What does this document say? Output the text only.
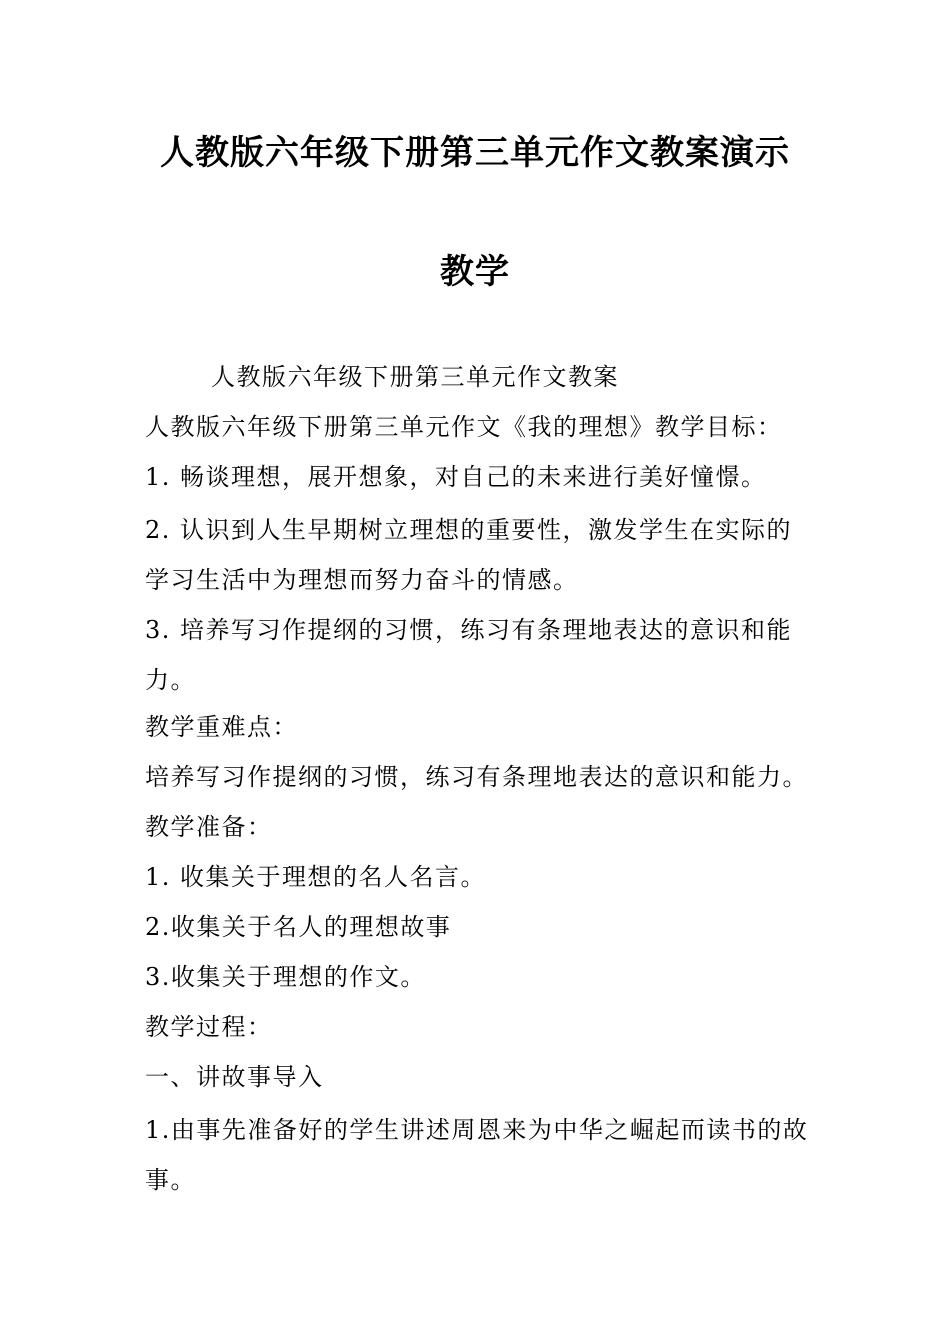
人教版六年级下册第三单元作文教案演示
教学

人教版六年级下册第三单元作文教案

人教版六年级下册第三单元作文《我的理想》教学目标：

1. 畅谈理想，展开想象，对自己的未来进行美好憧憬。

2. 认识到人生早期树立理想的重要性，激发学生在实际的学习生活中为理想而努力奋斗的情感。

3. 培养写习作提纲的习惯，练习有条理地表达的意识和能力。

教学重难点：

培养写习作提纲的习惯，练习有条理地表达的意识和能力。

教学准备：

1. 收集关于理想的名人名言。

2.收集关于名人的理想故事

3.收集关于理想的作文。

教学过程：

一、讲故事导入

1.由事先准备好的学生讲述周恩来为中华之崛起而读书的故事。
